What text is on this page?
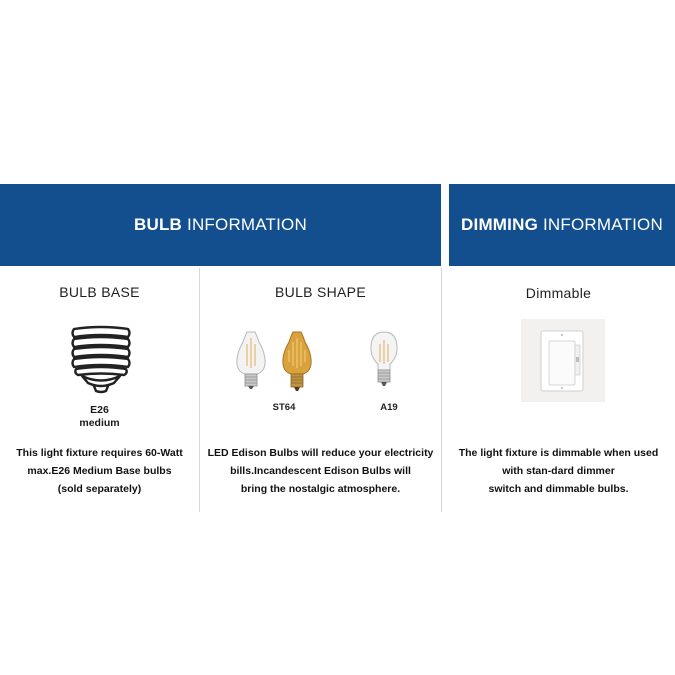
BULB INFORMATION	DIMMING INFORMATION
BULB BASE
E26
medium
This light fixture requires 60-Watt
max.E26 Medium Base bulbs
(sold separately)
BULB SHAPE
ST64	A19
LED Edison Bulbs will reduce your electricity
bills.Incandescent Edison Bulbs will
bring the nostalgic atmosphere.
Dimmable
The light fixture is dimmable when used
with stan-dard dimmer
switch and dimmable bulbs.
